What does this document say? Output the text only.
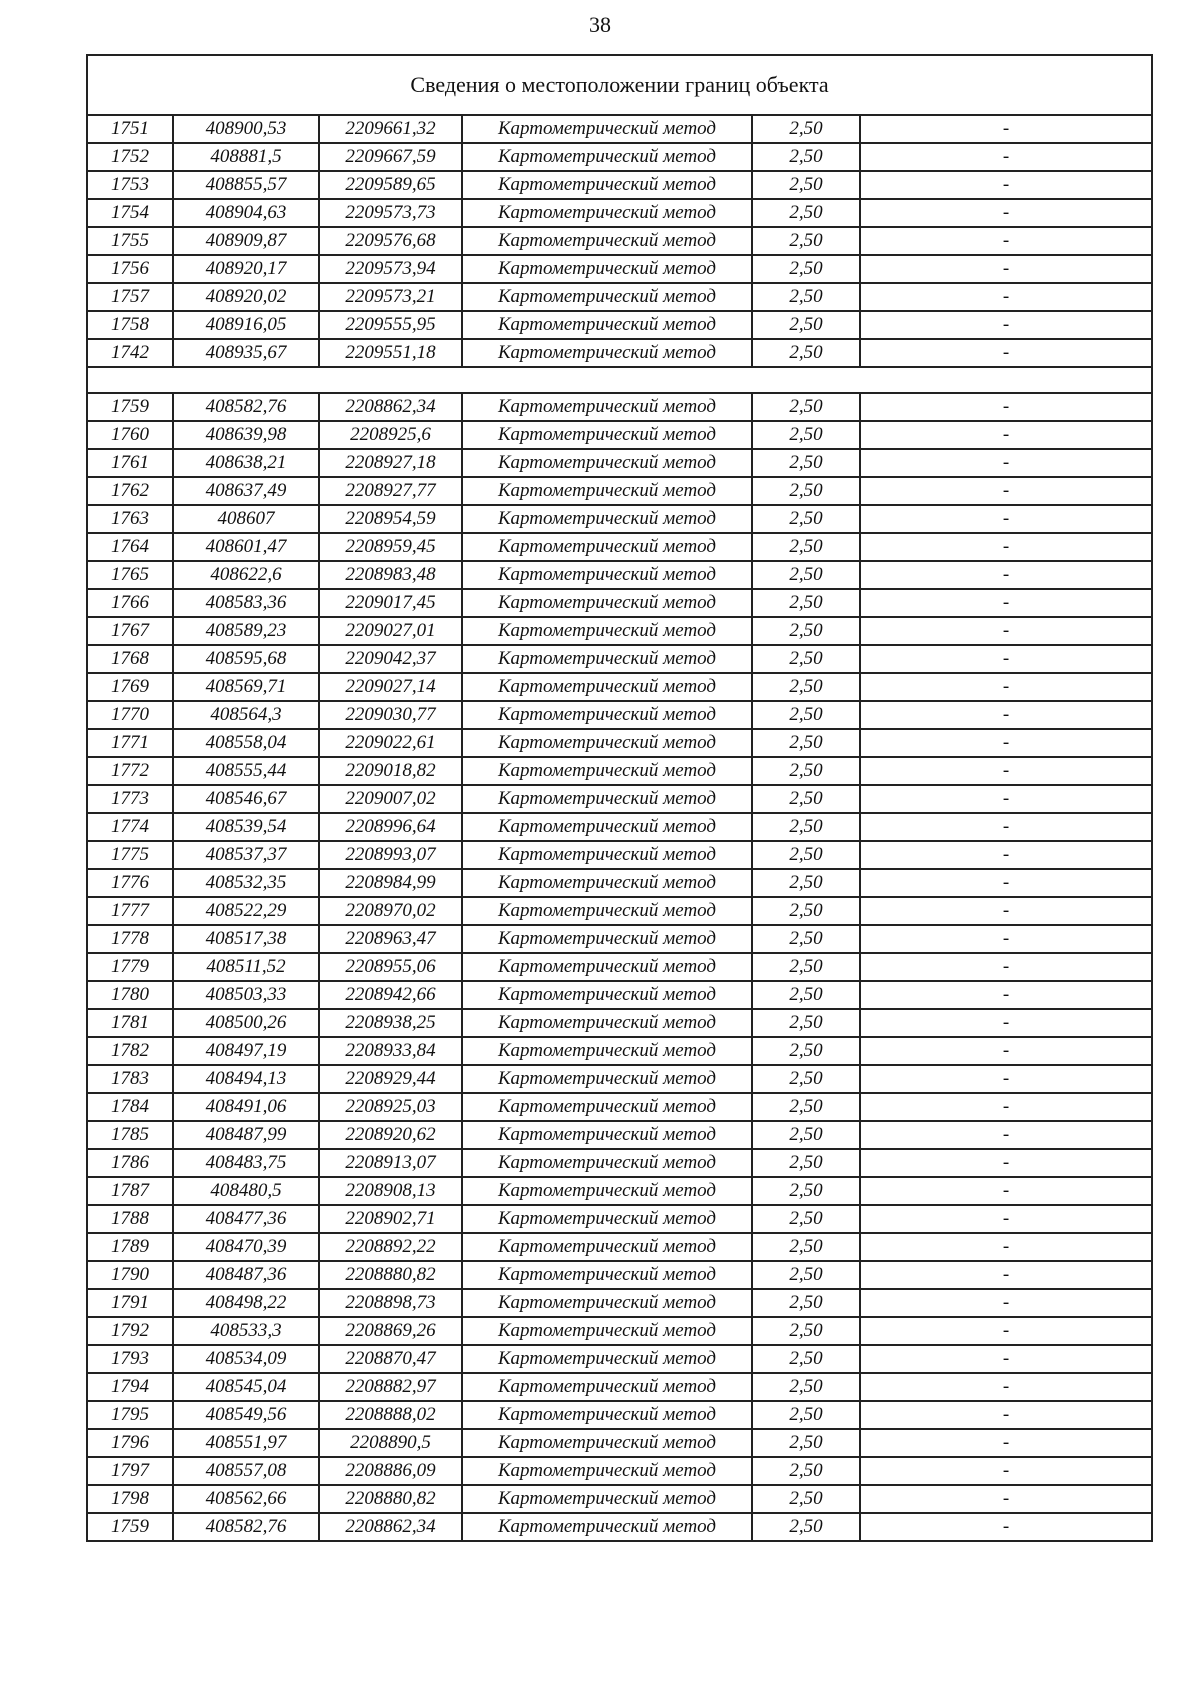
38
Сведения о местоположении границ объекта					
1751	408900,53	2209661,32	Картометрический метод	2,50	-
1752	408881,5	2209667,59	Картометрический метод	2,50	-
1753	408855,57	2209589,65	Картометрический метод	2,50	-
1754	408904,63	2209573,73	Картометрический метод	2,50	-
1755	408909,87	2209576,68	Картометрический метод	2,50	-
1756	408920,17	2209573,94	Картометрический метод	2,50	-
1757	408920,02	2209573,21	Картометрический метод	2,50	-
1758	408916,05	2209555,95	Картометрический метод	2,50	-
1742	408935,67	2209551,18	Картометрический метод	2,50	-

1759	408582,76	2208862,34	Картометрический метод	2,50	-
1760	408639,98	2208925,6	Картометрический метод	2,50	-
1761	408638,21	2208927,18	Картометрический метод	2,50	-
1762	408637,49	2208927,77	Картометрический метод	2,50	-
1763	408607	2208954,59	Картометрический метод	2,50	-
1764	408601,47	2208959,45	Картометрический метод	2,50	-
1765	408622,6	2208983,48	Картометрический метод	2,50	-
1766	408583,36	2209017,45	Картометрический метод	2,50	-
1767	408589,23	2209027,01	Картометрический метод	2,50	-
1768	408595,68	2209042,37	Картометрический метод	2,50	-
1769	408569,71	2209027,14	Картометрический метод	2,50	-
1770	408564,3	2209030,77	Картометрический метод	2,50	-
1771	408558,04	2209022,61	Картометрический метод	2,50	-
1772	408555,44	2209018,82	Картометрический метод	2,50	-
1773	408546,67	2209007,02	Картометрический метод	2,50	-
1774	408539,54	2208996,64	Картометрический метод	2,50	-
1775	408537,37	2208993,07	Картометрический метод	2,50	-
1776	408532,35	2208984,99	Картометрический метод	2,50	-
1777	408522,29	2208970,02	Картометрический метод	2,50	-
1778	408517,38	2208963,47	Картометрический метод	2,50	-
1779	408511,52	2208955,06	Картометрический метод	2,50	-
1780	408503,33	2208942,66	Картометрический метод	2,50	-
1781	408500,26	2208938,25	Картометрический метод	2,50	-
1782	408497,19	2208933,84	Картометрический метод	2,50	-
1783	408494,13	2208929,44	Картометрический метод	2,50	-
1784	408491,06	2208925,03	Картометрический метод	2,50	-
1785	408487,99	2208920,62	Картометрический метод	2,50	-
1786	408483,75	2208913,07	Картометрический метод	2,50	-
1787	408480,5	2208908,13	Картометрический метод	2,50	-
1788	408477,36	2208902,71	Картометрический метод	2,50	-
1789	408470,39	2208892,22	Картометрический метод	2,50	-
1790	408487,36	2208880,82	Картометрический метод	2,50	-
1791	408498,22	2208898,73	Картометрический метод	2,50	-
1792	408533,3	2208869,26	Картометрический метод	2,50	-
1793	408534,09	2208870,47	Картометрический метод	2,50	-
1794	408545,04	2208882,97	Картометрический метод	2,50	-
1795	408549,56	2208888,02	Картометрический метод	2,50	-
1796	408551,97	2208890,5	Картометрический метод	2,50	-
1797	408557,08	2208886,09	Картометрический метод	2,50	-
1798	408562,66	2208880,82	Картометрический метод	2,50	-
1759	408582,76	2208862,34	Картометрический метод	2,50	-
